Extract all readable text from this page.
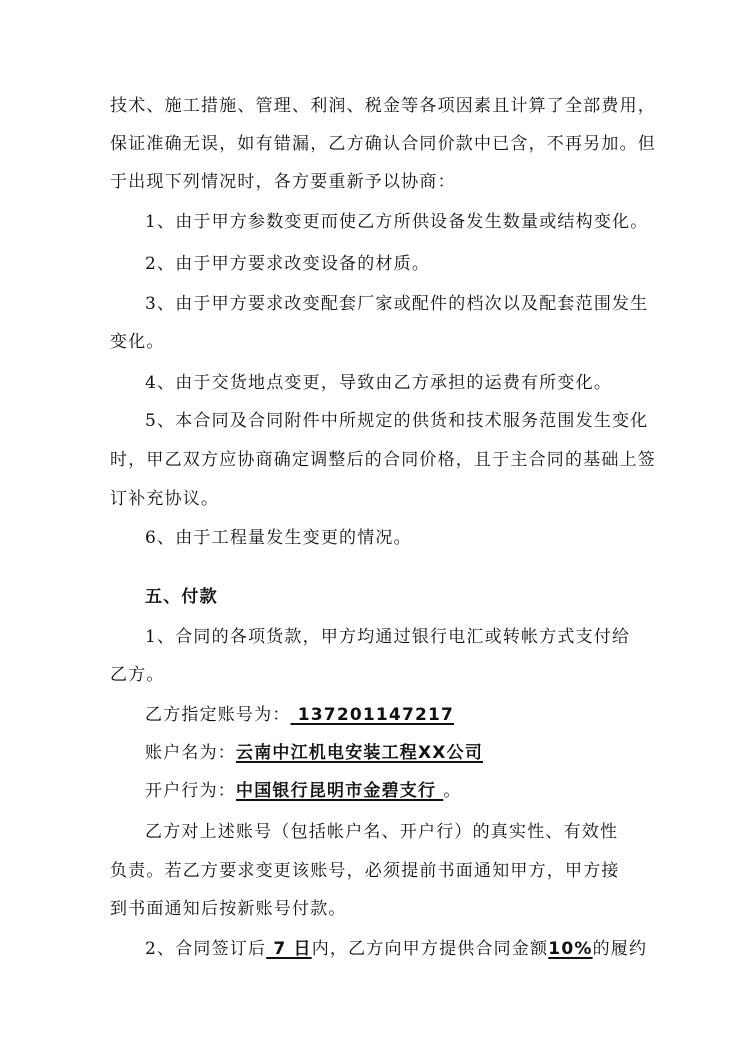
技术、施工措施、管理、利润、税金等各项因素且计算了全部费用，
保证准确无误，如有错漏，乙方确认合同价款中已含，不再另加。但
于出现下列情况时，各方要重新予以协商：
1、由于甲方参数变更而使乙方所供设备发生数量或结构变化。
2、由于甲方要求改变设备的材质。
3、由于甲方要求改变配套厂家或配件的档次以及配套范围发生
变化。
4、由于交货地点变更，导致由乙方承担的运费有所变化。
5、本合同及合同附件中所规定的供货和技术服务范围发生变化
时，甲乙双方应协商确定调整后的合同价格，且于主合同的基础上签
订补充协议。
6、由于工程量发生变更的情况。
五、付款
1、合同的各项货款，甲方均通过银行电汇或转帐方式支付给
乙方。
乙方指定账号为： 137201147217
账户名为：云南中江机电安装工程XX公司
开户行为：中国银行昆明市金碧支行 。
乙方对上述账号（包括帐户名、开户行）的真实性、有效性
负责。若乙方要求变更该账号，必须提前书面通知甲方，甲方接
到书面通知后按新账号付款。
2、合同签订后 7 日内，乙方向甲方提供合同金额10%的履约
